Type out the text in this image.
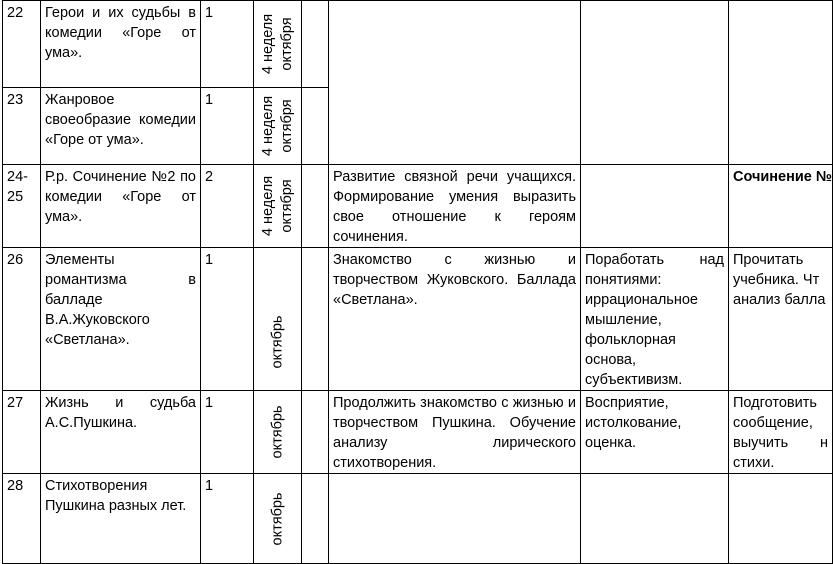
22	Герои и их судьбы в комедии «Горе от ума».	1	4 неделя октября				

23	Жанровое своеобразие комедии «Горе от ума».	1	4 неделя октября				

24-25	Р.р. Сочинение №2 по комедии «Горе от ума».	2	4 неделя октября		Развитие связной речи учащихся. Формирование умения выразить свое отношение к героям сочинения.		Сочинение №
26	Элементы романтизма в балладе В.А.Жуковского «Светлана».	1	октябрь		Знакомство с жизнью и творчеством Жуковского. Баллада «Светлана».	Поработать над понятиями: иррациональное мышление, фольклорная основа, субъективизм.	Прочитать учебника. Чт анализ балла
27	Жизнь и судьба А.С.Пушкина.	1	октябрь		Продолжить знакомство с жизнью и творчеством Пушкина. Обучение анализу лирического стихотворения.	Восприятие, истолкование, оценка.	Подготовить сообщение, выучить н стихи.
28	Стихотворения Пушкина разных лет.	1	октябрь				
